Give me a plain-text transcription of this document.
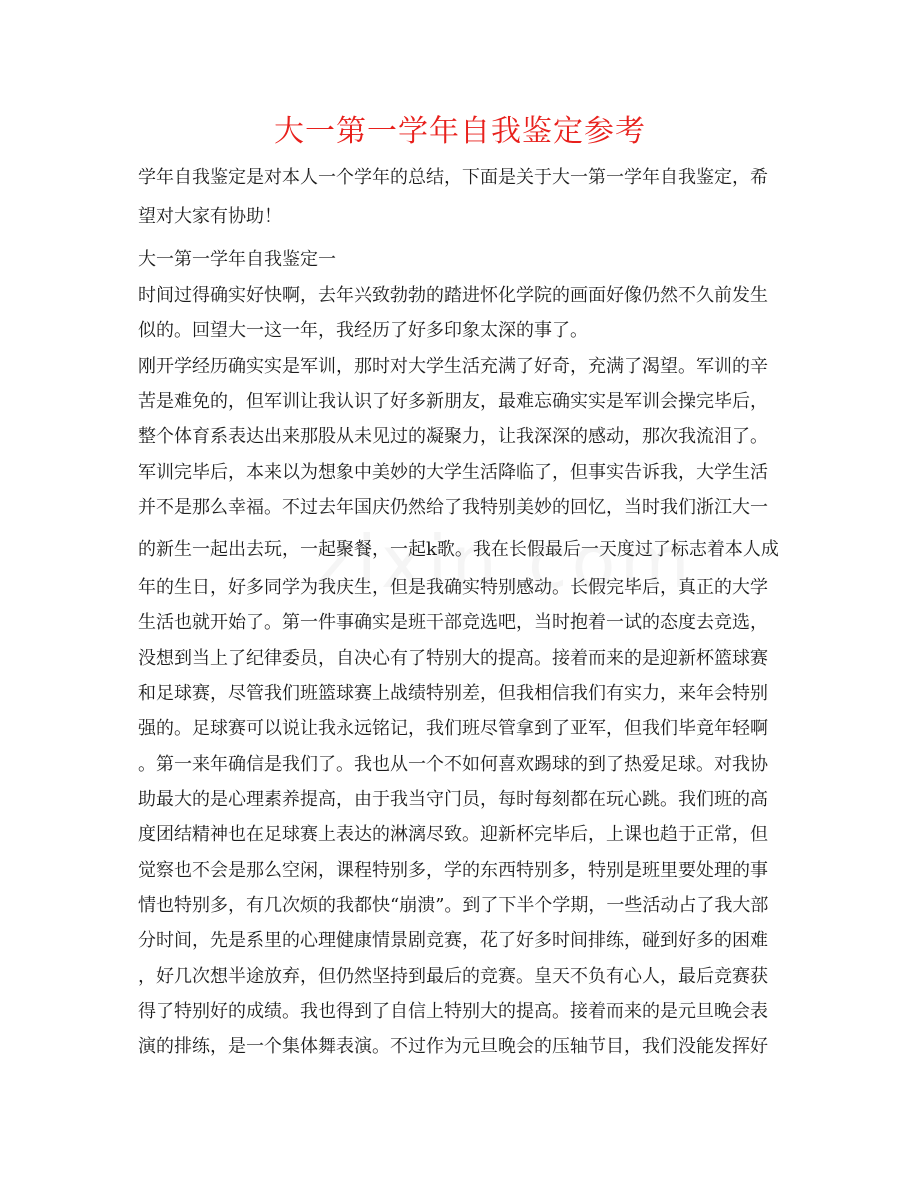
大一第一学年自我鉴定参考

学年自我鉴定是对本人一个学年的总结，下面是关于大一第一学年自我鉴定，希

望对大家有协助！

大一第一学年自我鉴定一

时间过得确实好快啊，去年兴致勃勃的踏进怀化学院的画面好像仍然不久前发生

似的。回望大一这一年，我经历了好多印象太深的事了。

刚开学经历确实实是军训，那时对大学生活充满了好奇，充满了渴望。军训的辛

苦是难免的，但军训让我认识了好多新朋友，最难忘确实实是军训会操完毕后，

整个体育系表达出来那股从未见过的凝聚力，让我深深的感动，那次我流泪了。

军训完毕后，本来以为想象中美妙的大学生活降临了，但事实告诉我，大学生活

并不是那么幸福。不过去年国庆仍然给了我特别美妙的回忆，当时我们浙江大一

的新生一起出去玩，一起聚餐，一起k歌。我在长假最后一天度过了标志着本人成

年的生日，好多同学为我庆生，但是我确实特别感动。长假完毕后，真正的大学

生活也就开始了。第一件事确实是班干部竞选吧，当时抱着一试的态度去竞选，

没想到当上了纪律委员，自决心有了特别大的提高。接着而来的是迎新杯篮球赛

和足球赛，尽管我们班篮球赛上战绩特别差，但我相信我们有实力，来年会特别

强的。足球赛可以说让我永远铭记，我们班尽管拿到了亚军，但我们毕竟年轻啊

。第一来年确信是我们了。我也从一个不如何喜欢踢球的到了热爱足球。对我协

助最大的是心理素养提高，由于我当守门员，每时每刻都在玩心跳。我们班的高

度团结精神也在足球赛上表达的淋漓尽致。迎新杯完毕后，上课也趋于正常，但

觉察也不会是那么空闲，课程特别多，学的东西特别多，特别是班里要处理的事

情也特别多，有几次烦的我都快“崩溃”。到了下半个学期，一些活动占了我大部

分时间，先是系里的心理健康情景剧竞赛，花了好多时间排练，碰到好多的困难

，好几次想半途放弃，但仍然坚持到最后的竞赛。皇天不负有心人，最后竞赛获

得了特别好的成绩。我也得到了自信上特别大的提高。接着而来的是元旦晚会表

演的排练，是一个集体舞表演。不过作为元旦晚会的压轴节目，我们没能发挥好
